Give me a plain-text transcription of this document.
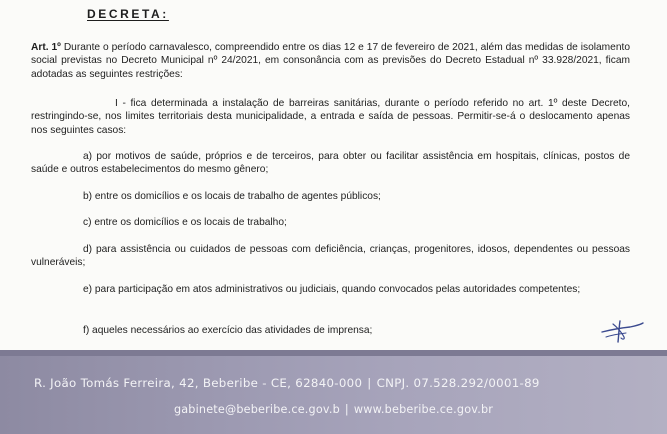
DECRETA:

Art. 1º Durante o período carnavalesco, compreendido entre os dias 12 e 17 de fevereiro de 2021, além das medidas de isolamento social previstas no Decreto Municipal nº 24/2021, em consonância com as previsões do Decreto Estadual nº 33.928/2021, ficam adotadas as seguintes restrições:

I - fica determinada a instalação de barreiras sanitárias, durante o período referido no art. 1º deste Decreto, restringindo-se, nos limites territoriais desta municipalidade, a entrada e saída de pessoas. Permitir-se-á o deslocamento apenas nos seguintes casos:

a) por motivos de saúde, próprios e de terceiros, para obter ou facilitar assistência em hospitais, clínicas, postos de saúde e outros estabelecimentos do mesmo gênero;

b) entre os domicílios e os locais de trabalho de agentes públicos;

c) entre os domicílios e os locais de trabalho;

d) para assistência ou cuidados de pessoas com deficiência, crianças, progenitores, idosos, dependentes ou pessoas vulneráveis;

e) para participação em atos administrativos ou judiciais, quando convocados pelas autoridades competentes;

f) aqueles necessários ao exercício das atividades de imprensa;

R. João Tomás Ferreira, 42, Beberibe - CE, 62840-000 | CNPJ. 07.528.292/0001-89
gabinete@beberibe.ce.gov.b | www.beberibe.ce.gov.br
